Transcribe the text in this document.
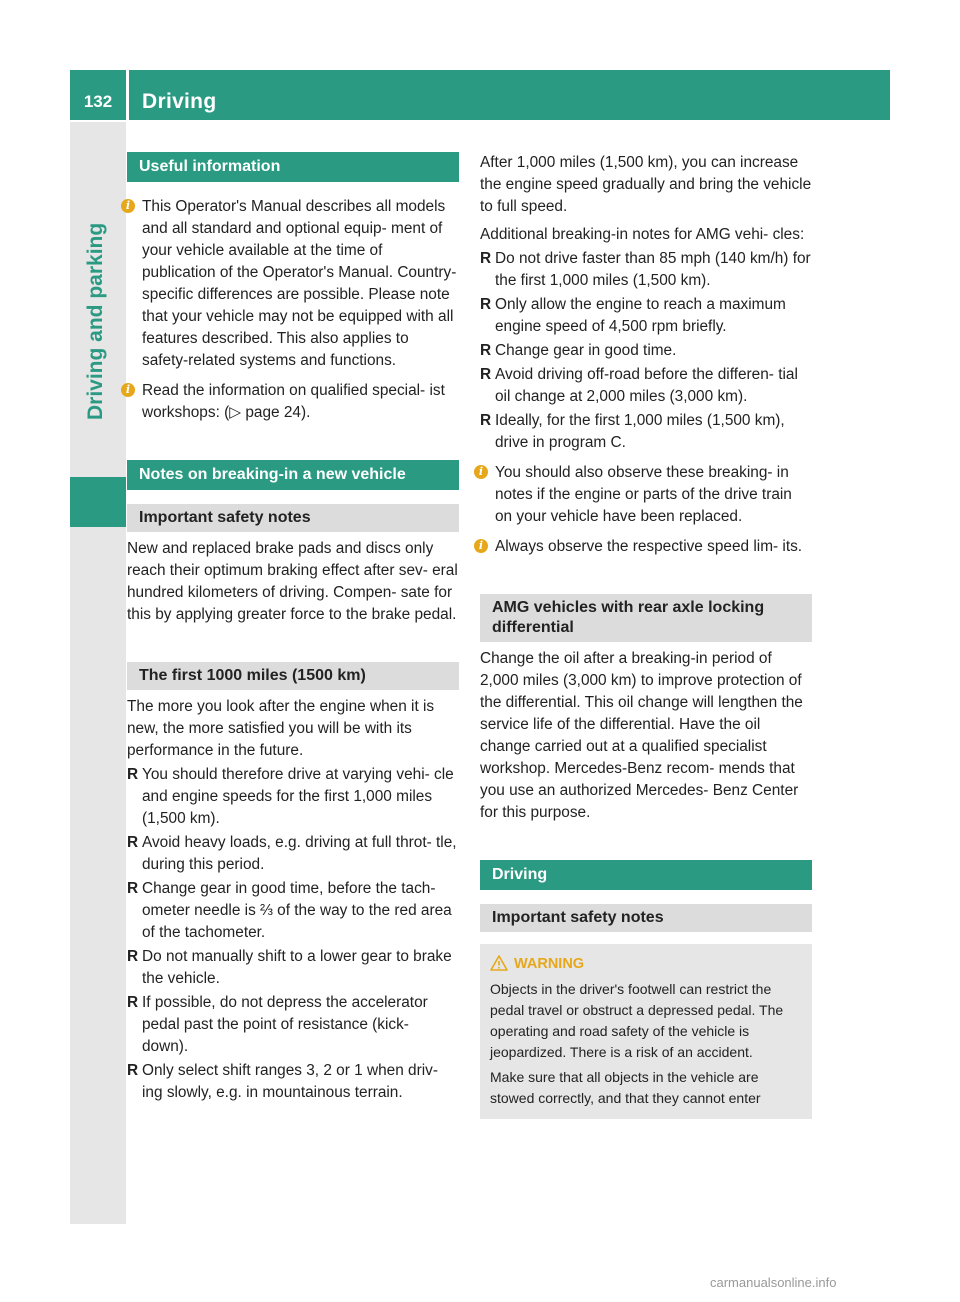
132	Driving
Driving and parking
Useful information
i This Operator's Manual describes all models and all standard and optional equip- ment of your vehicle available at the time of publication of the Operator's Manual. Country-specific differences are possible. Please note that your vehicle may not be equipped with all features described. This also applies to safety-related systems and functions.
i Read the information on qualified special- ist workshops: (▷ page 24).
Notes on breaking-in a new vehicle
Important safety notes

New and replaced brake pads and discs only reach their optimum braking effect after sev- eral hundred kilometers of driving. Compen- sate for this by applying greater force to the brake pedal.

The first 1000 miles (1500 km)

The more you look after the engine when it is new, the more satisfied you will be with its performance in the future.

R You should therefore drive at varying vehi- cle and engine speeds for the first 1,000 miles (1,500 km).
R Avoid heavy loads, e.g. driving at full throt- tle, during this period.
R Change gear in good time, before the tach- ometer needle is ⅔ of the way to the red area of the tachometer.
R Do not manually shift to a lower gear to brake the vehicle.
R If possible, do not depress the accelerator pedal past the point of resistance (kick- down).
R Only select shift ranges 3, 2 or 1 when driv- ing slowly, e.g. in mountainous terrain.

After 1,000 miles (1,500 km), you can increase the engine speed gradually and bring the vehicle to full speed.

Additional breaking-in notes for AMG vehi- cles:

R Do not drive faster than 85 mph (140 km/h) for the first 1,000 miles (1,500 km).
R Only allow the engine to reach a maximum engine speed of 4,500 rpm briefly.
R Change gear in good time.
R Avoid driving off-road before the differen- tial oil change at 2,000 miles (3,000 km).
R Ideally, for the first 1,000 miles (1,500 km), drive in program C.
i You should also observe these breaking- in notes if the engine or parts of the drive train on your vehicle have been replaced.
i Always observe the respective speed lim- its.
AMG vehicles with rear axle locking differential

Change the oil after a breaking-in period of 2,000 miles (3,000 km) to improve protection of the differential. This oil change will lengthen the service life of the differential. Have the oil change carried out at a qualified specialist workshop. Mercedes-Benz recom- mends that you use an authorized Mercedes- Benz Center for this purpose.

Driving
Important safety notes
WARNING

Objects in the driver's footwell can restrict the pedal travel or obstruct a depressed pedal. The operating and road safety of the vehicle is jeopardized. There is a risk of an accident.

Make sure that all objects in the vehicle are stowed correctly, and that they cannot enter

carmanualsonline.info
